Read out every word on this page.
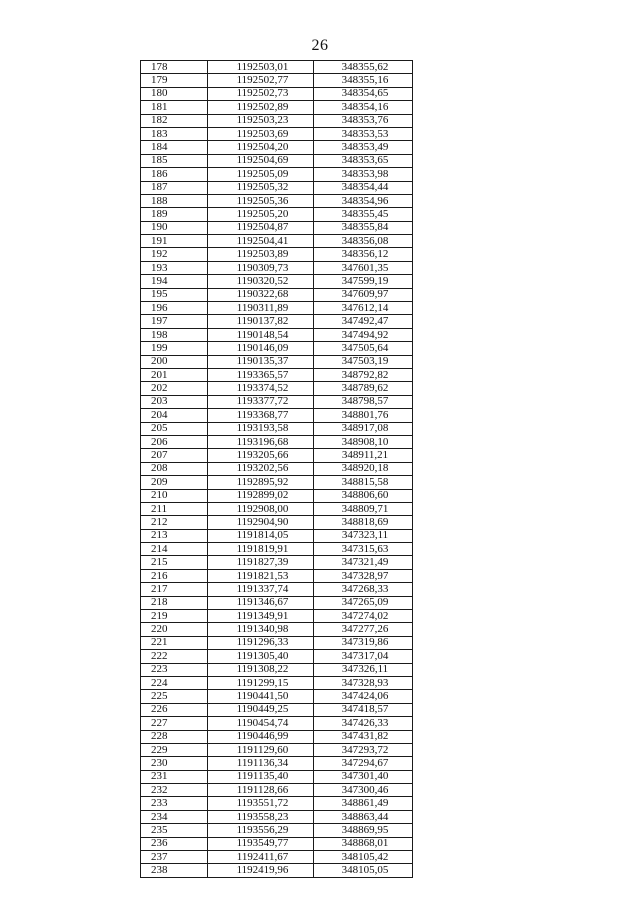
26
178	1192503,01	348355,62
179	1192502,77	348355,16
180	1192502,73	348354,65
181	1192502,89	348354,16
182	1192503,23	348353,76
183	1192503,69	348353,53
184	1192504,20	348353,49
185	1192504,69	348353,65
186	1192505,09	348353,98
187	1192505,32	348354,44
188	1192505,36	348354,96
189	1192505,20	348355,45
190	1192504,87	348355,84
191	1192504,41	348356,08
192	1192503,89	348356,12
193	1190309,73	347601,35
194	1190320,52	347599,19
195	1190322,68	347609,97
196	1190311,89	347612,14
197	1190137,82	347492,47
198	1190148,54	347494,92
199	1190146,09	347505,64
200	1190135,37	347503,19
201	1193365,57	348792,82
202	1193374,52	348789,62
203	1193377,72	348798,57
204	1193368,77	348801,76
205	1193193,58	348917,08
206	1193196,68	348908,10
207	1193205,66	348911,21
208	1193202,56	348920,18
209	1192895,92	348815,58
210	1192899,02	348806,60
211	1192908,00	348809,71
212	1192904,90	348818,69
213	1191814,05	347323,11
214	1191819,91	347315,63
215	1191827,39	347321,49
216	1191821,53	347328,97
217	1191337,74	347268,33
218	1191346,67	347265,09
219	1191349,91	347274,02
220	1191340,98	347277,26
221	1191296,33	347319,86
222	1191305,40	347317,04
223	1191308,22	347326,11
224	1191299,15	347328,93
225	1190441,50	347424,06
226	1190449,25	347418,57
227	1190454,74	347426,33
228	1190446,99	347431,82
229	1191129,60	347293,72
230	1191136,34	347294,67
231	1191135,40	347301,40
232	1191128,66	347300,46
233	1193551,72	348861,49
234	1193558,23	348863,44
235	1193556,29	348869,95
236	1193549,77	348868,01
237	1192411,67	348105,42
238	1192419,96	348105,05
